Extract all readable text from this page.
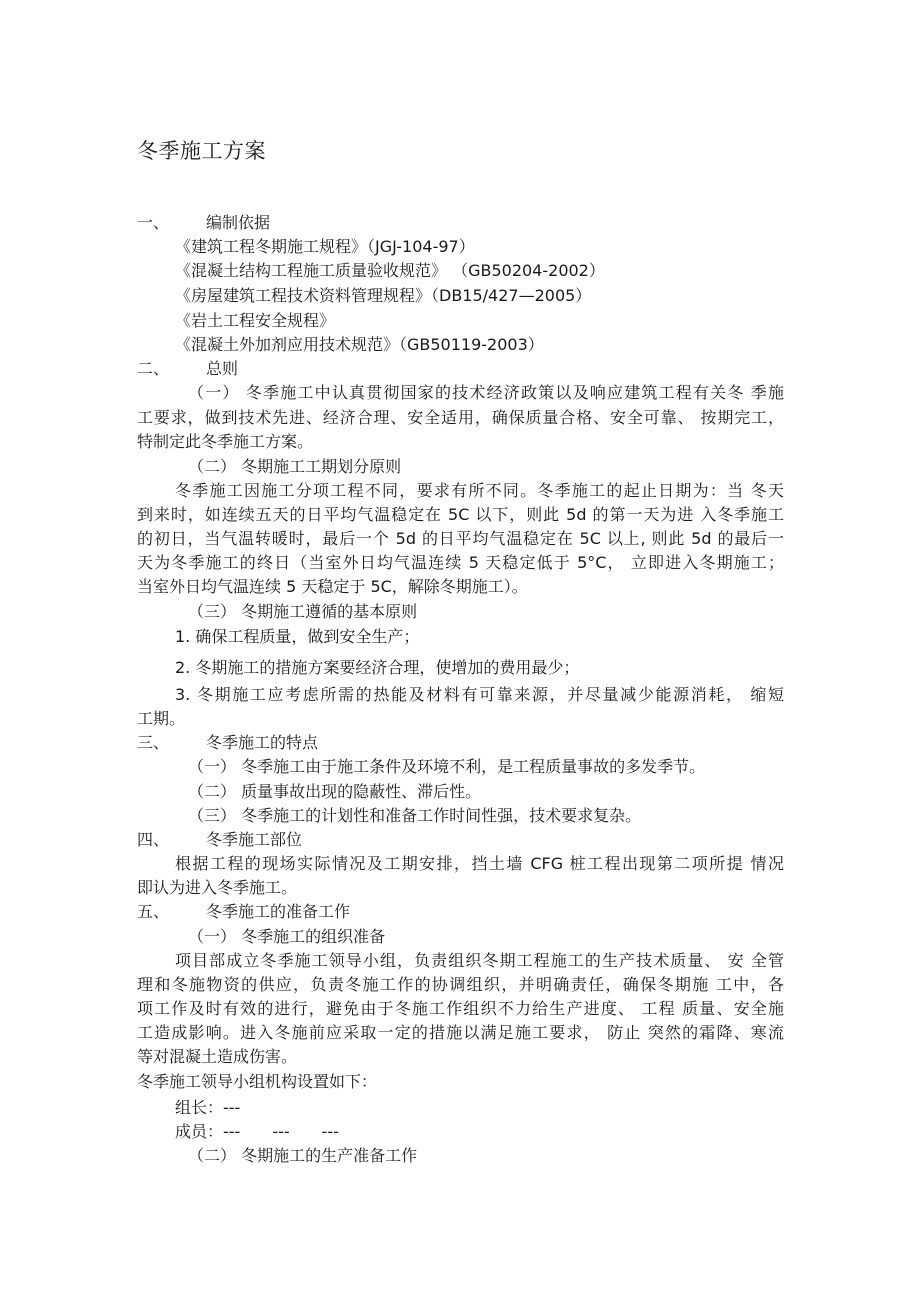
冬季施工方案
一、 编制依据
《建筑工程冬期施工规程》（JGJ-104-97）
《混凝土结构工程施工质量验收规范》 （GB50204-2002）
《房屋建筑工程技术资料管理规程》（DB15/427—2005）
《岩土工程安全规程》
《混凝土外加剂应用技术规范》（GB50119-2003）
二、 总则
（一） 冬季施工中认真贯彻国家的技术经济政策以及响应建筑工程有关冬 季施
工要求，做到技术先进、经济合理、安全适用，确保质量合格、安全可靠、 按期完工，
特制定此冬季施工方案。
（二） 冬期施工工期划分原则
冬季施工因施工分项工程不同，要求有所不同。冬季施工的起止日期为：当 冬天
到来时，如连续五天的日平均气温稳定在 5C 以下，则此 5d 的第一天为进 入冬季施工
的初日，当气温转暖时，最后一个 5d 的日平均气温稳定在 5C 以上, 则此 5d 的最后一
天为冬季施工的终日（当室外日均气温连续 5 天稳定低于 5°C， 立即进入冬期施工；
当室外日均气温连续 5 天稳定于 5C，解除冬期施工）。
（三） 冬期施工遵循的基本原则
1. 确保工程质量，做到安全生产；
2. 冬期施工的措施方案要经济合理，使增加的费用最少；
3. 冬期施工应考虑所需的热能及材料有可靠来源，并尽量减少能源消耗， 缩短
工期。
三、 冬季施工的特点
（一） 冬季施工由于施工条件及环境不利，是工程质量事故的多发季节。
（二） 质量事故出现的隐蔽性、滞后性。
（三） 冬季施工的计划性和准备工作时间性强，技术要求复杂。
四、 冬季施工部位
根据工程的现场实际情况及工期安排，挡土墙 CFG 桩工程出现第二项所提 情况
即认为进入冬季施工。
五、 冬季施工的准备工作
（一） 冬季施工的组织准备
项目部成立冬季施工领导小组，负责组织冬期工程施工的生产技术质量、 安 全管
理和冬施物资的供应，负责冬施工作的协调组织，并明确责任，确保冬期施 工中，各
项工作及时有效的进行，避免由于冬施工作组织不力给生产进度、 工程 质量、安全施
工造成影响。进入冬施前应采取一定的措施以满足施工要求， 防止 突然的霜降、寒流
等对混凝土造成伤害。
冬季施工领导小组机构设置如下：
组长：---
成员：---　　---　　---
（二） 冬期施工的生产准备工作
